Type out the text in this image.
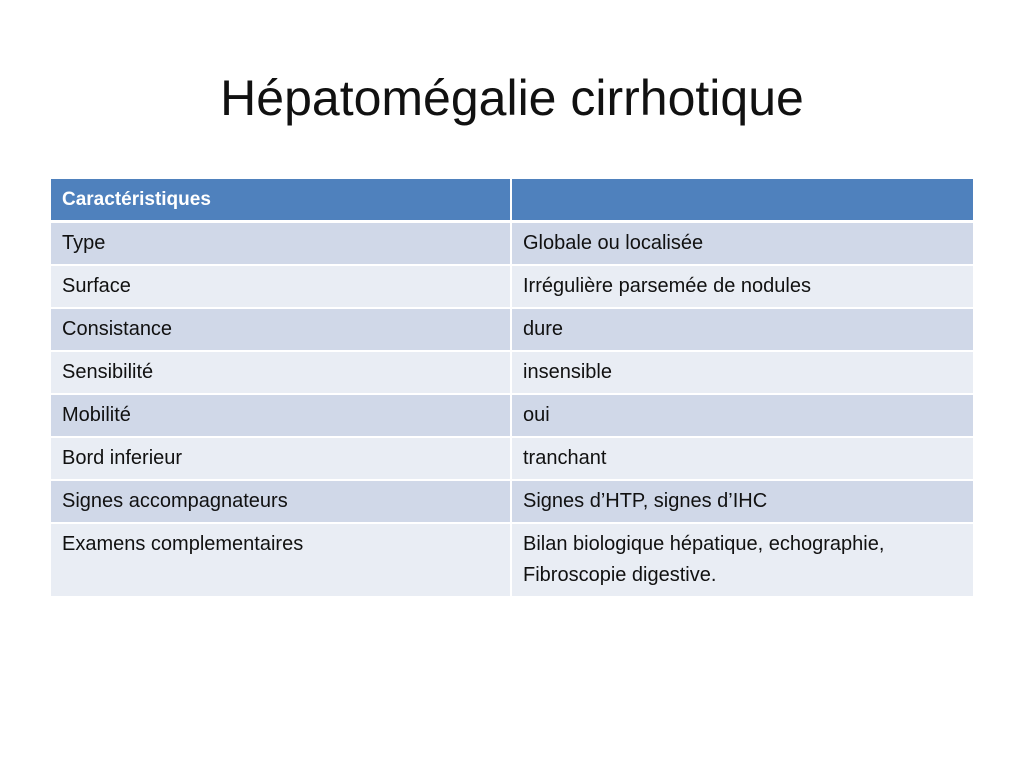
Hépatomégalie cirrhotique
Caractéristiques	
Type	Globale ou localisée
Surface	Irrégulière parsemée de nodules
Consistance	dure
Sensibilité	insensible
Mobilité	oui
Bord inferieur	tranchant
Signes accompagnateurs	Signes d’HTP, signes d’IHC
Examens complementaires	Bilan biologique hépatique, echographie, Fibroscopie digestive.
